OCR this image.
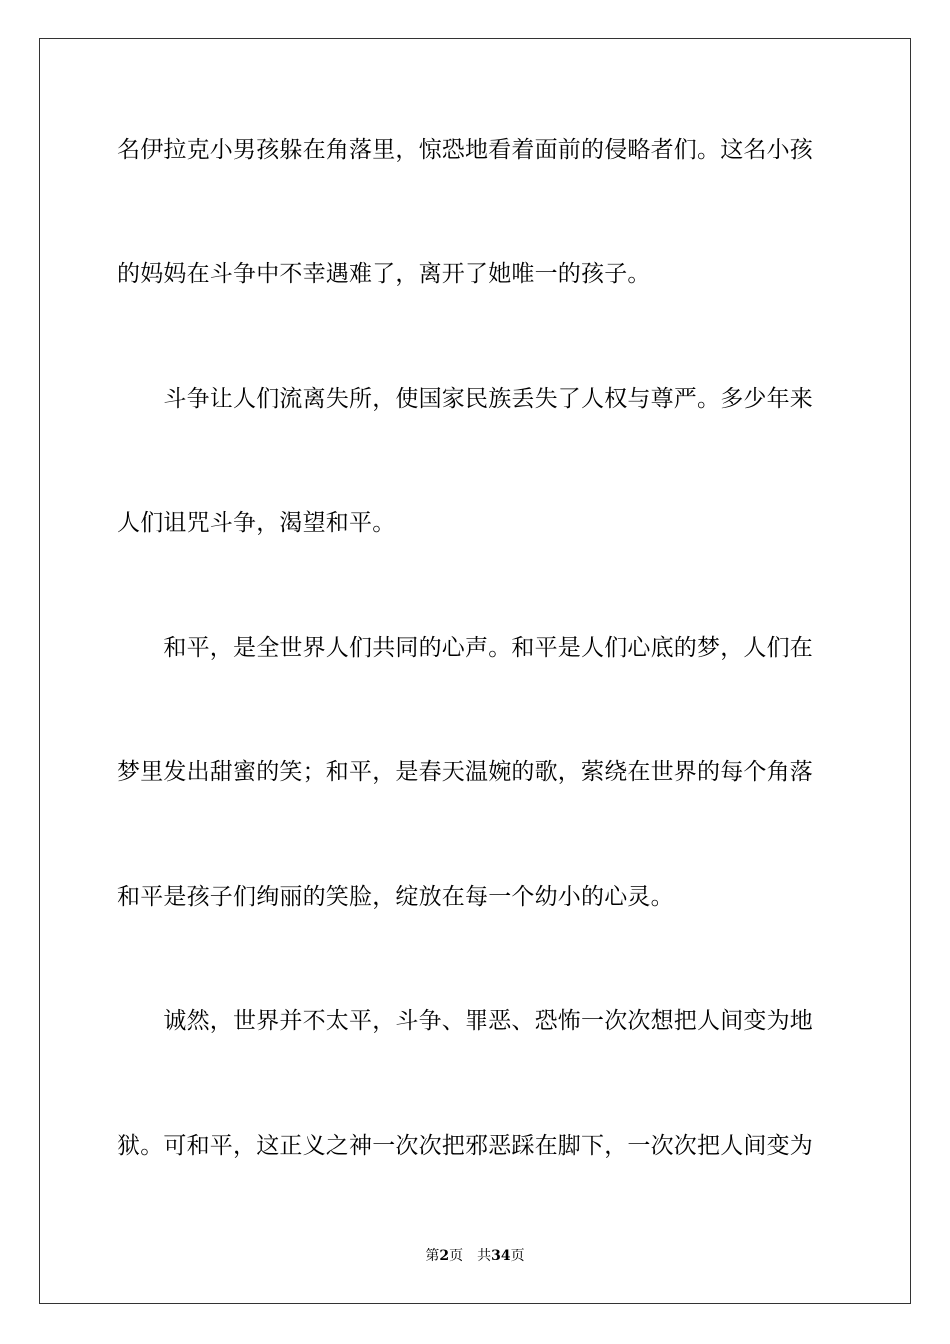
名伊拉克小男孩躲在角落里，惊恐地看着面前的侵略者们。这名小孩
的妈妈在斗争中不幸遇难了，离开了她唯一的孩子。
　　斗争让人们流离失所，使国家民族丢失了人权与尊严。多少年来
人们诅咒斗争，渴望和平。
　　和平，是全世界人们共同的心声。和平是人们心底的梦，人们在
梦里发出甜蜜的笑；和平，是春天温婉的歌，萦绕在世界的每个角落
和平是孩子们绚丽的笑脸，绽放在每一个幼小的心灵。
　　诚然，世界并不太平，斗争、罪恶、恐怖一次次想把人间变为地
狱。可和平，这正义之神一次次把邪恶踩在脚下，一次次把人间变为
第2页 共34页
